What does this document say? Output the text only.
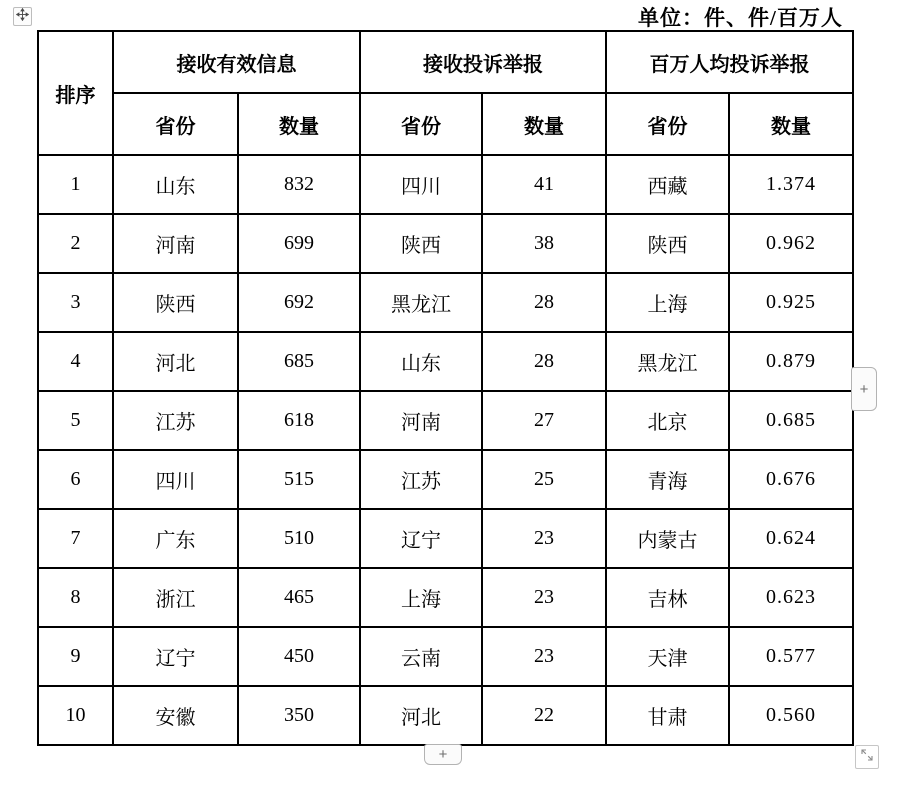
单位：件、件/百万人
排序	接收有效信息		接收投诉举报		百万人均投诉举报	
	省份	数量	省份	数量	省份	数量
1	山东	832	四川	41	西藏	1.374
2	河南	699	陕西	38	陕西	0.962
3	陕西	692	黑龙江	28	上海	0.925
4	河北	685	山东	28	黑龙江	0.879
5	江苏	618	河南	27	北京	0.685
6	四川	515	江苏	25	青海	0.676
7	广东	510	辽宁	23	内蒙古	0.624
8	浙江	465	上海	23	吉林	0.623
9	辽宁	450	云南	23	天津	0.577
10	安徽	350	河北	22	甘肃	0.560
+
+
